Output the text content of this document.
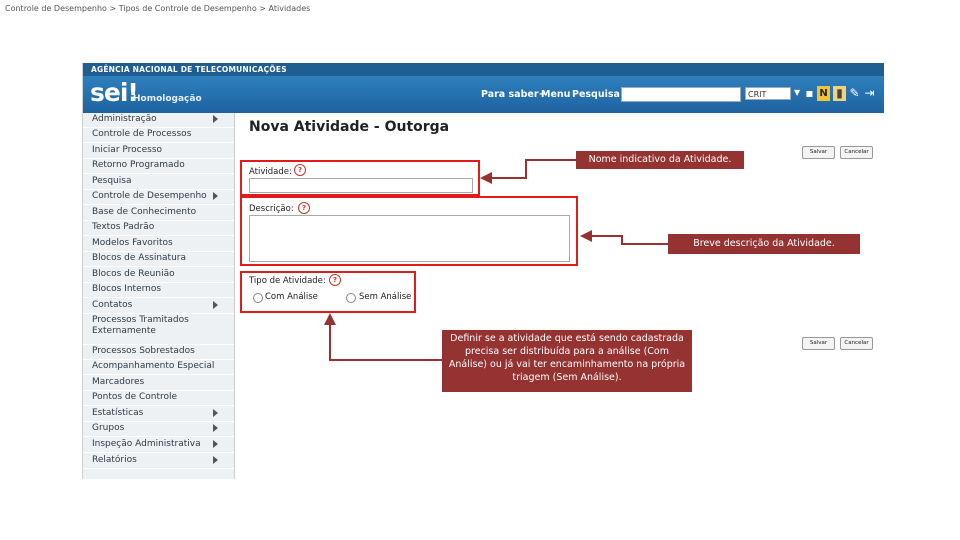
Controle de Desempenho > Tipos de Controle de Desempenho > Atividades
AGÊNCIA NACIONAL DE TELECOMUNICAÇÕES
sei!
Homologação	Para saber+
Menu Pesquisa	CRIT	▼ ▪ N ▮ ✎ ⇥
Administração
Controle de Processos
Iniciar Processo
Retorno Programado
Pesquisa
Controle de Desempenho
Base de Conhecimento
Textos Padrão
Modelos Favoritos
Blocos de Assinatura
Blocos de Reunião
Blocos Internos
Contatos
Processos Tramitados Externamente
Processos Sobrestados
Acompanhamento Especial
Marcadores
Pontos de Controle
Estatísticas
Grupos
Inspeção Administrativa
Relatórios
Nova Atividade - Outorga
Salvar	Cancelar
Salvar	Cancelar
Atividade: ?
Descrição:	?
Tipo de Atividade:	?
Com Análise	Sem Análise
Nome indicativo da Atividade.
Breve descrição da Atividade.
Definir se a atividade que está sendo cadastrada precisa ser distribuída para a análise (Com Análise) ou já vai ter encaminhamento na própria triagem (Sem Análise).
